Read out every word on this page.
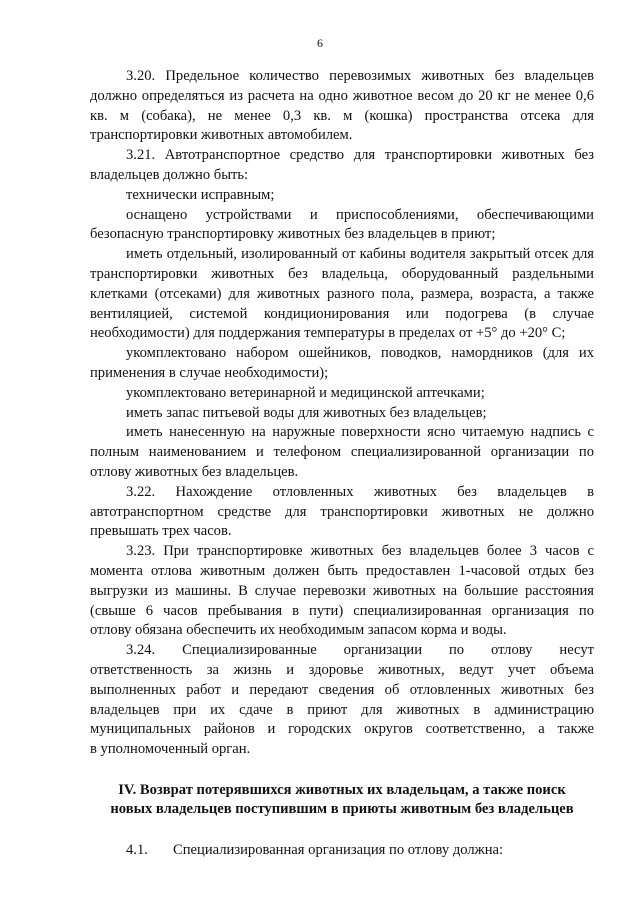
6

3.20. Предельное количество перевозимых животных без владельцев должно определяться из расчета на одно животное весом до 20 кг не менее 0,6 кв. м (собака), не менее 0,3 кв. м (кошка) пространства отсека для транспортировки животных автомобилем.

3.21. Автотранспортное средство для транспортировки животных без владельцев должно быть:

технически исправным;

оснащено устройствами и приспособлениями, обеспечивающими безопасную транспортировку животных без владельцев в приют;

иметь отдельный, изолированный от кабины водителя закрытый отсек для транспортировки животных без владельца, оборудованный раздельными клетками (отсеками) для животных разного пола, размера, возраста, а также вентиляцией, системой кондиционирования или подогрева (в случае необходимости) для поддержания температуры в пределах от +5° до +20° С;

укомплектовано набором ошейников, поводков, намордников (для их применения в случае необходимости);

укомплектовано ветеринарной и медицинской аптечками;

иметь запас питьевой воды для животных без владельцев;

иметь нанесенную на наружные поверхности ясно читаемую надпись с полным наименованием и телефоном специализированной организации по отлову животных без владельцев.

3.22. Нахождение отловленных животных без владельцев в автотранспортном средстве для транспортировки животных не должно превышать трех часов.

3.23. При транспортировке животных без владельцев более 3 часов с
момента отлова животным должен быть предоставлен 1-часовой отдых без
выгрузки из машины. В случае перевозки животных на большие расстояния
(свыше 6 часов пребывания в пути) специализированная организация по
отлову обязана обеспечить их необходимым запасом корма и воды.
3.24. Специализированные организации по отлову несут
ответственность за жизнь и здоровье животных, ведут учет объема
выполненных работ и передают сведения об отловленных животных без
владельцев при их сдаче в приют для животных в администрацию
муниципальных районов и городских округов соответственно, а также
в уполномоченный орган.
IV. Возврат потерявшихся животных их владельцам, а также поиск
новых владельцев поступившим в приюты животным без владельцев

4.1. Специализированная организация по отлову должна:
